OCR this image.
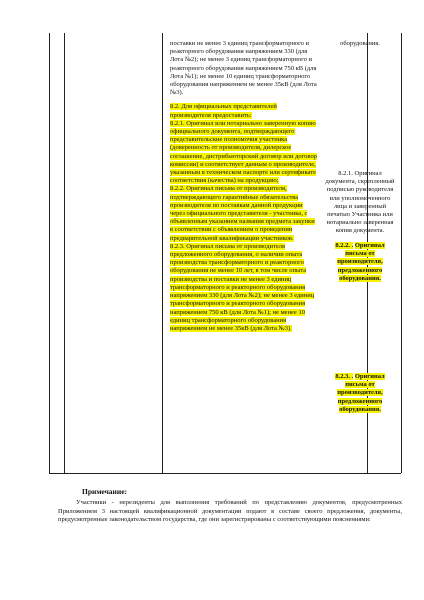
поставки не менее 3 единиц трансформаторного и реакторного оборудования напряжением 330 (для Лота №2); не менее 3 единиц трансформаторного и реакторного оборудования напряжением 750 кВ (для Лота №1); не менее 10 единиц трансформаторного оборудования напряжением не менее 35кВ (для Лота №3).

8.2. Для официальных представителей производителя предоставить:

8.2.1. Оригинал или нотариально заверенную копию официального документа, подтверждающего представительские полномочия участника (доверенность от производителя, дилерское соглашение, дистрибьюторский договор или договор комиссии) и соответствует данным о производителе, указанным в техническом паспорте или сертификате соответствия (качества) на продукцию;

8.2.2. Оригинал письма от производителя, подтверждающего гарантийные обязательства производителя по поставкам данной продукции через официального представителя - участника, с объявленным указанием названия предмета закупки в соответствии с объявлением о проведении предварительной квалификации участников.

8.2.3. Оригинал письма от производителя предложенного оборудования, о наличии опыта производства трансформаторного и реакторного оборудования не менее 10 лет, в том числе опыта производства и поставки не менее 3 единиц трансформаторного и реакторного оборудования напряжением 330 (для Лота №2); не менее 3 единиц трансформаторного и реакторного оборудования напряжением 750 кВ (для Лота №1); не менее 10 единиц трансформаторного оборудования напряжением не менее 35кВ (для Лота №3).

оборудования.

8.2.1. Оригинал документа, скрепленный подписью руководителя или уполномоченного лица и заверенный печатью Участника или нотариально заверенная копия документа.

8.2.2. . Оригинал письма от производителя, предложенного оборудования.

8.2.3. . Оригинал письма от производителя, предложенного оборудования.

Примечание:
Участники - нерезиденты для выполнения требований по представлению документов, предусмотренных Приложением 3 настоящей квалификационной документации подают в составе своего предложения, документы, предусмотренные законодательством государства, где они зарегистрированы с соответствующими пояснениями:
